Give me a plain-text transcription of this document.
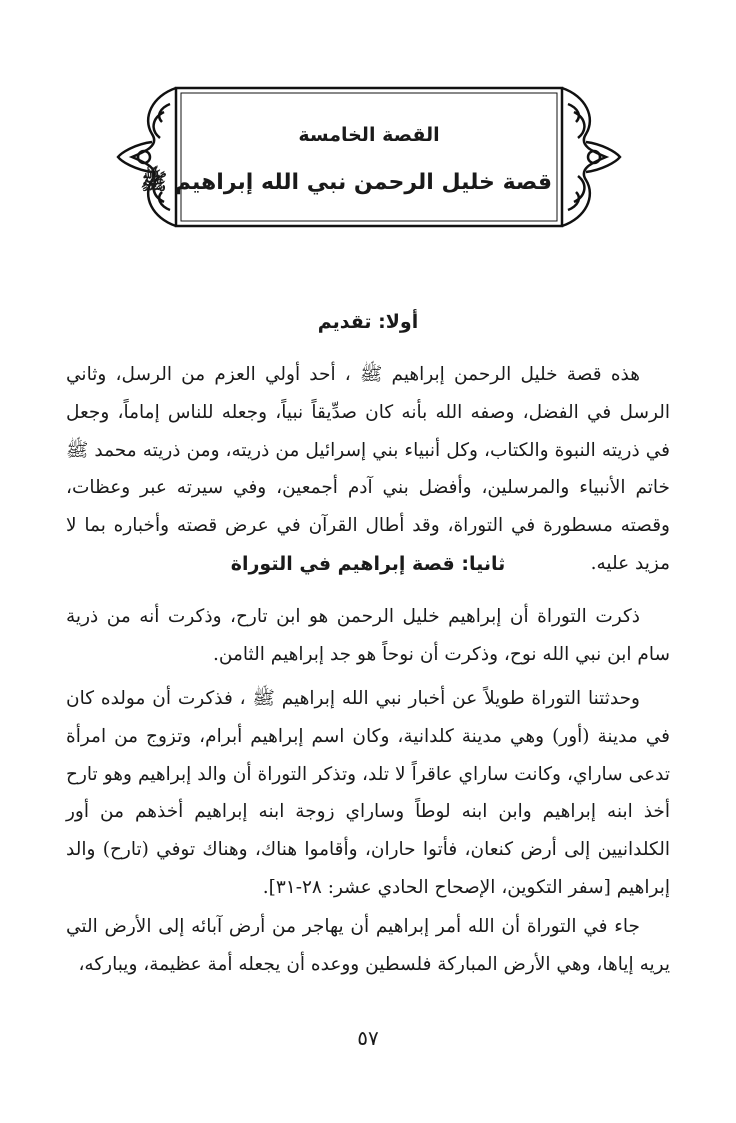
القصة الخامسة
قصة خليل الرحمن نبي الله إبراهيم ﷺ
أولا: تقديم
هذه قصة خليل الرحمن إبراهيم ﷺ ، أحد أولي العزم من الرسل، وثاني الرسل في الفضل، وصفه الله بأنه كان صدِّيقاً نبياً، وجعله للناس إماماً، وجعل في ذريته النبوة والكتاب، وكل أنبياء بني إسرائيل من ذريته، ومن ذريته محمد ﷺ خاتم الأنبياء والمرسلين، وأفضل بني آدم أجمعين، وفي سيرته عبر وعظات، وقصته مسطورة في التوراة، وقد أطال القرآن في عرض قصته وأخباره بما لا مزيد عليه.
ثانيا: قصة إبراهيم في التوراة
ذكرت التوراة أن إبراهيم خليل الرحمن هو ابن تارح، وذكرت أنه من ذرية سام ابن نبي الله نوح، وذكرت أن نوحاً هو جد إبراهيم الثامن.
وحدثتنا التوراة طويلاً عن أخبار نبي الله إبراهيم ﷺ ، فذكرت أن مولده كان في مدينة (أور) وهي مدينة كلدانية، وكان اسم إبراهيم أبرام، وتزوج من امرأة تدعى ساراي، وكانت ساراي عاقراً لا تلد، وتذكر التوراة أن والد إبراهيم وهو تارح أخذ ابنه إبراهيم وابن ابنه لوطاً وساراي زوجة ابنه إبراهيم أخذهم من أور الكلدانيين إلى أرض كنعان، فأتوا حاران، وأقاموا هناك، وهناك توفي (تارح) والد إبراهيم [سفر التكوين، الإصحاح الحادي عشر: ٢٨-٣١].
جاء في التوراة أن الله أمر إبراهيم أن يهاجر من أرض آبائه إلى الأرض التي يريه إياها، وهي الأرض المباركة فلسطين ووعده أن يجعله أمة عظيمة، ويباركه،
٥٧
